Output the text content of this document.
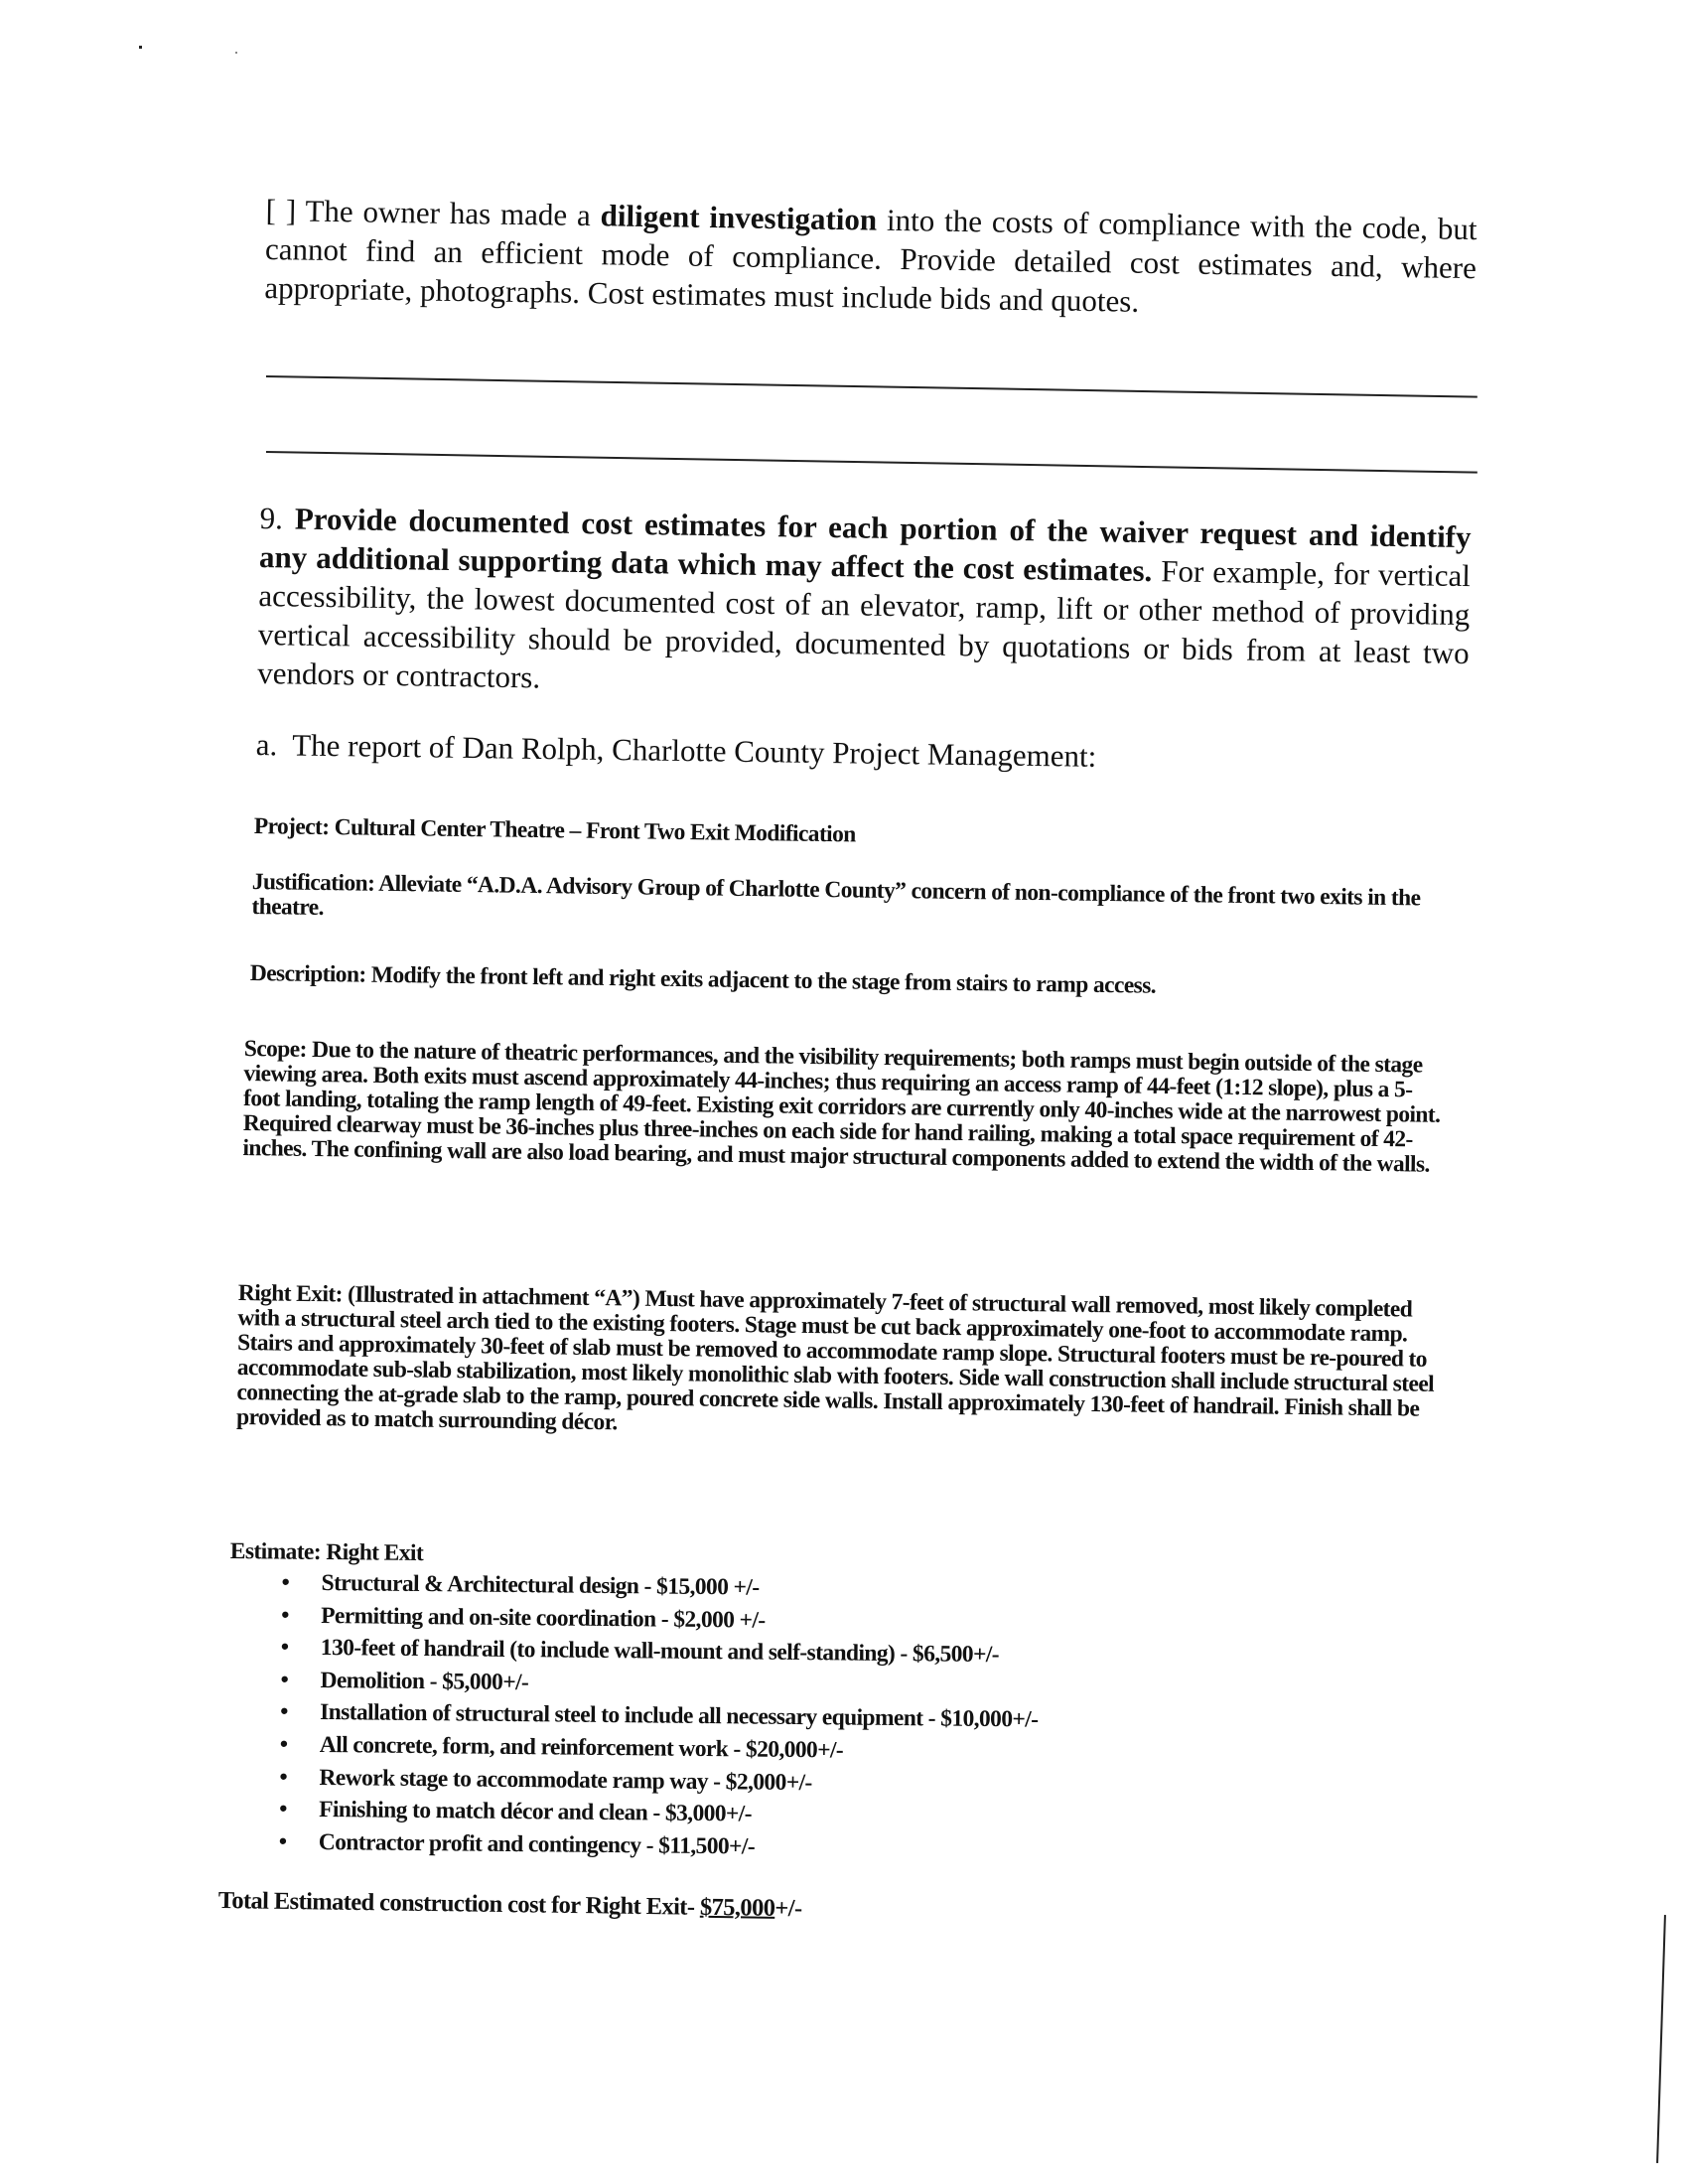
[ ] The owner has made a diligent investigation into the costs of compliance with the code, but cannot find an efficient mode of compliance. Provide detailed cost estimates and, where appropriate, photographs. Cost estimates must include bids and quotes.
9. Provide documented cost estimates for each portion of the waiver request and identify any additional supporting data which may affect the cost estimates. For example, for vertical accessibility, the lowest documented cost of an elevator, ramp, lift or other method of providing vertical accessibility should be provided, documented by quotations or bids from at least two vendors or contractors.
a. The report of Dan Rolph, Charlotte County Project Management:
Project: Cultural Center Theatre – Front Two Exit Modification
Justification: Alleviate “A.D.A. Advisory Group of Charlotte County” concern of non-compliance of the front two exits in the theatre.
Description: Modify the front left and right exits adjacent to the stage from stairs to ramp access.
Scope: Due to the nature of theatric performances, and the visibility requirements; both ramps must begin outside of the stage viewing area. Both exits must ascend approximately 44-inches; thus requiring an access ramp of 44-feet (1:12 slope), plus a 5-foot landing, totaling the ramp length of 49-feet. Existing exit corridors are currently only 40-inches wide at the narrowest point. Required clearway must be 36-inches plus three-inches on each side for hand railing, making a total space requirement of 42-inches. The confining wall are also load bearing, and must major structural components added to extend the width of the walls.
Right Exit: (Illustrated in attachment “A”) Must have approximately 7-feet of structural wall removed, most likely completed with a structural steel arch tied to the existing footers. Stage must be cut back approximately one-foot to accommodate ramp. Stairs and approximately 30-feet of slab must be removed to accommodate ramp slope. Structural footers must be re-poured to accommodate sub-slab stabilization, most likely monolithic slab with footers. Side wall construction shall include structural steel connecting the at-grade slab to the ramp, poured concrete side walls. Install approximately 130-feet of handrail. Finish shall be provided as to match surrounding décor.
Estimate: Right Exit
• Structural & Architectural design - $15,000 +/-
• Permitting and on-site coordination - $2,000 +/-
• 130-feet of handrail (to include wall-mount and self-standing) - $6,500+/-
• Demolition - $5,000+/-
• Installation of structural steel to include all necessary equipment - $10,000+/-
• All concrete, form, and reinforcement work - $20,000+/-
• Rework stage to accommodate ramp way - $2,000+/-
• Finishing to match décor and clean - $3,000+/-
• Contractor profit and contingency - $11,500+/-
Total Estimated construction cost for Right Exit- $75,000+/-
